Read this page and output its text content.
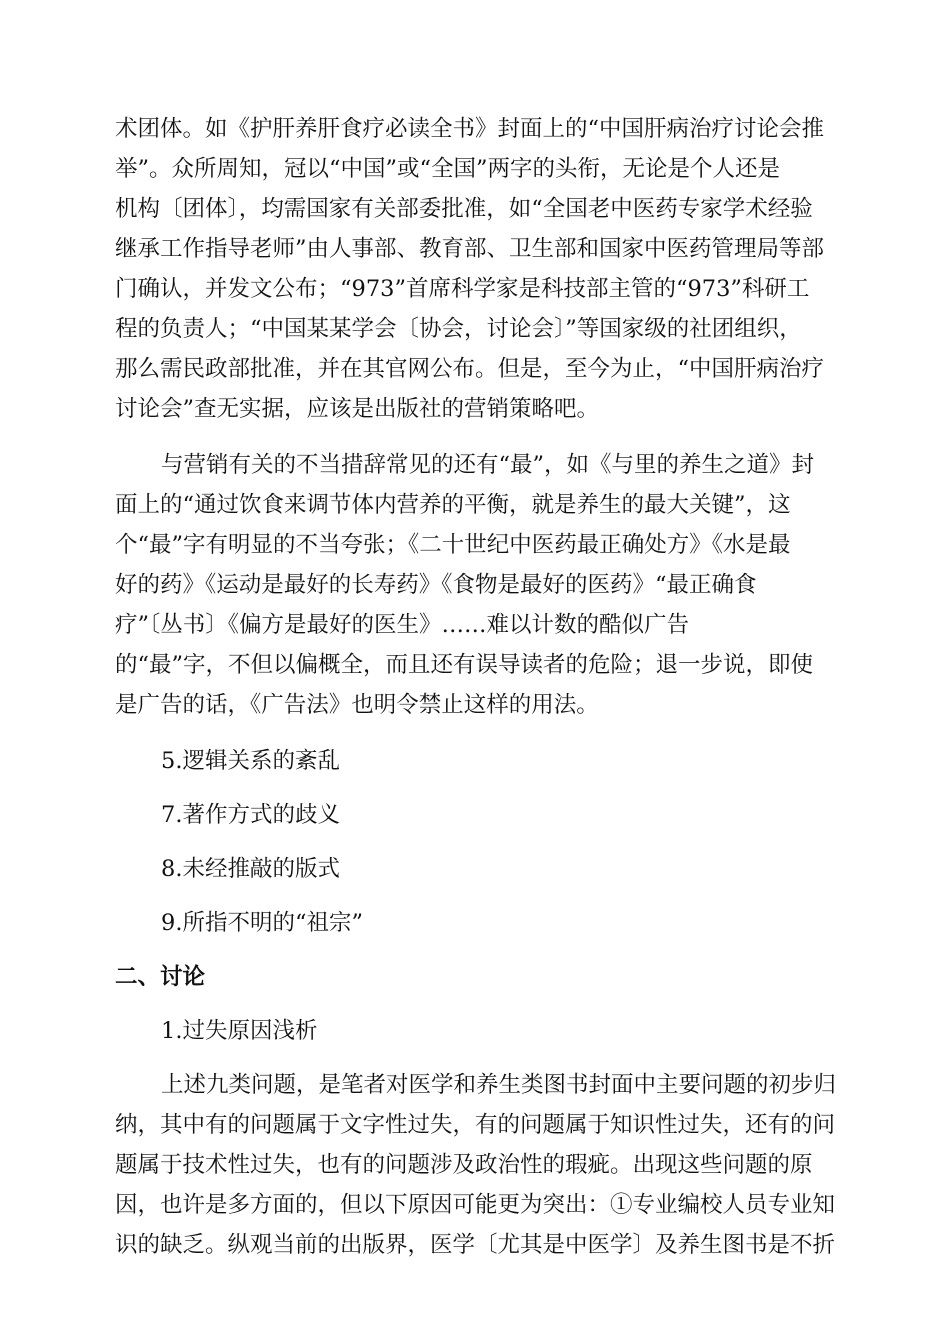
术团体。如《护肝养肝食疗必读全书》封面上的“中国肝病治疗讨论会推
举”。众所周知，冠以“中国”或“全国”两字的头衔，无论是个人还是
机构〔团体〕，均需国家有关部委批准，如“全国老中医药专家学术经验
继承工作指导老师”由人事部、教育部、卫生部和国家中医药管理局等部
门确认，并发文公布；“973”首席科学家是科技部主管的“973”科研工
程的负责人；“中国某某学会〔协会，讨论会〕”等国家级的社团组织，
那么需民政部批准，并在其官网公布。但是，至今为止，“中国肝病治疗
讨论会”查无实据，应该是出版社的营销策略吧。
与营销有关的不当措辞常见的还有“最”，如《与里的养生之道》封
面上的“通过饮食来调节体内营养的平衡，就是养生的最大关键”，这
个“最”字有明显的不当夸张；《二十世纪中医药最正确处方》《水是最
好的药》《运动是最好的长寿药》《食物是最好的医药》“最正确食
疗”〔丛书〕《偏方是最好的医生》……难以计数的酷似广告
的“最”字，不但以偏概全，而且还有误导读者的危险；退一步说，即使
是广告的话，《广告法》也明令禁止这样的用法。
5.逻辑关系的紊乱
7.著作方式的歧义
8.未经推敲的版式
9.所指不明的“祖宗”
二、讨论
1.过失原因浅析
上述九类问题，是笔者对医学和养生类图书封面中主要问题的初步归
纳，其中有的问题属于文字性过失，有的问题属于知识性过失，还有的问
题属于技术性过失，也有的问题涉及政治性的瑕疵。出现这些问题的原
因，也许是多方面的，但以下原因可能更为突出：①专业编校人员专业知
识的缺乏。纵观当前的出版界，医学〔尤其是中医学〕及养生图书是不折
